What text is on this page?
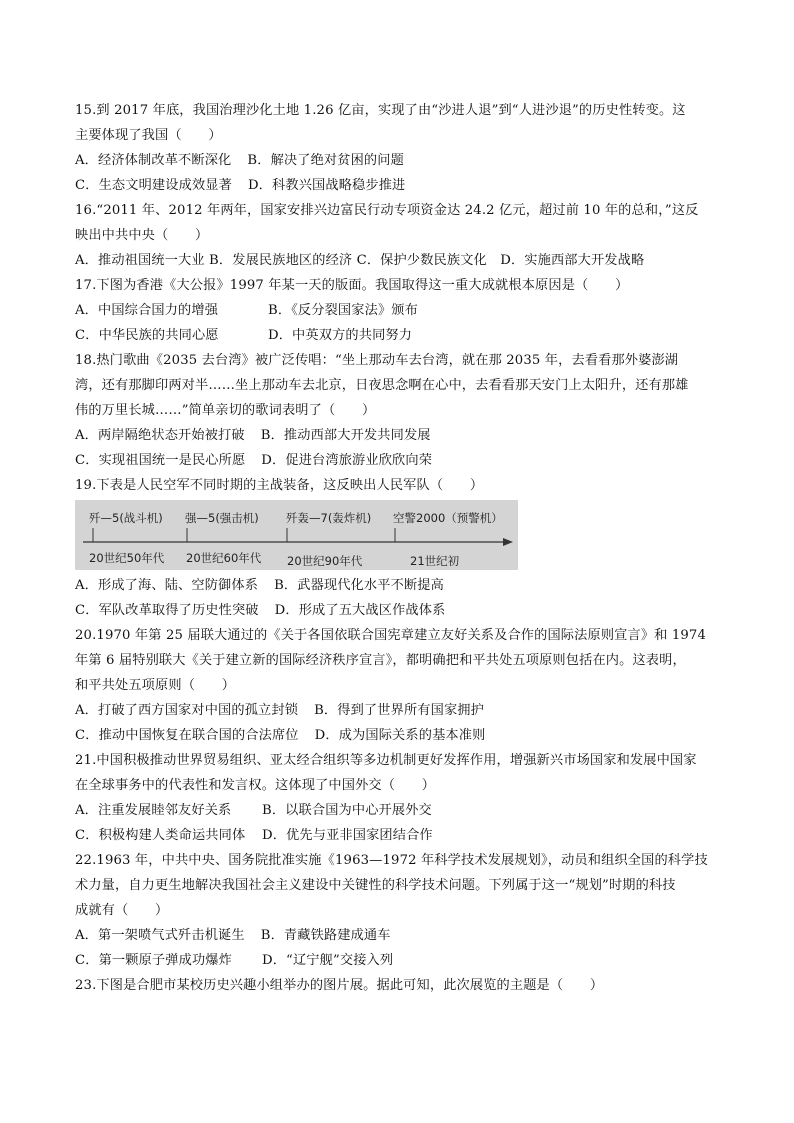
15.到 2017 年底，我国治理沙化土地 1.26 亿亩，实现了由“沙进人退”到“人进沙退”的历史性转变。这
主要体现了我国（　　）
A．经济体制改革不断深化 B．解决了绝对贫困的问题
C．生态文明建设成效显著 D．科教兴国战略稳步推进
16.“2011 年、2012 年两年，国家安排兴边富民行动专项资金达 24.2 亿元，超过前 10 年的总和，”这反
映出中共中央（　　）
A．推动祖国统一大业 B．发展民族地区的经济 C．保护少数民族文化　D．实施西部大开发战略
17.下图为香港《大公报》1997 年某一天的版面。我国取得这一重大成就根本原因是（　　）
A．中国综合国力的增强	B．《反分裂国家法》颁布
C．中华民族的共同心愿	D．中英双方的共同努力
18.热门歌曲《2035 去台湾》被广泛传唱：“坐上那动车去台湾，就在那 2035 年，去看看那外婆澎湖
湾，还有那脚印两对半……坐上那动车去北京，日夜思念啊在心中，去看看那天安门上太阳升，还有那雄
伟的万里长城……”简单亲切的歌词表明了（　　）
A．两岸隔绝状态开始被打破 B．推动西部大开发共同发展
C．实现祖国统一是民心所愿 D．促进台湾旅游业欣欣向荣
19.下表是人民空军不同时期的主战装备，这反映出人民军队（　　）
歼—5(战斗机) 强—5(强击机) 歼轰—7(轰炸机) 空警2000（预警机）
20世纪50年代 20世纪60年代 20世纪90年代	21世纪初
A．形成了海、陆、空防御体系 B．武器现代化水平不断提高
C．军队改革取得了历史性突破 D．形成了五大战区作战体系
20.1970 年第 25 届联大通过的《关于各国依联合国宪章建立友好关系及合作的国际法原则宣言》和 1974
年第 6 届特别联大《关于建立新的国际经济秩序宣言》，都明确把和平共处五项原则包括在内。这表明，
和平共处五项原则（　　）
A．打破了西方国家对中国的孤立封锁 B．得到了世界所有国家拥护
C．推动中国恢复在联合国的合法席位 D．成为国际关系的基本准则
21.中国积极推动世界贸易组织、亚太经合组织等多边机制更好发挥作用，增强新兴市场国家和发展中国家
在全球事务中的代表性和发言权。这体现了中国外交（　　）
A．注重发展睦邻友好关系 B．以联合国为中心开展外交
C．积极构建人类命运共同体 D．优先与亚非国家团结合作
22.1963 年，中共中央、国务院批准实施《1963—1972 年科学技术发展规划》，动员和组织全国的科学技
术力量，自力更生地解决我国社会主义建设中关键性的科学技术问题。下列属于这一“规划”时期的科技
成就有（　　）
A．第一架喷气式歼击机诞生 B．青藏铁路建成通车
C．第一颗原子弹成功爆炸 D．“辽宁舰”交接入列
23.下图是合肥市某校历史兴趣小组举办的图片展。据此可知，此次展览的主题是（　　）
